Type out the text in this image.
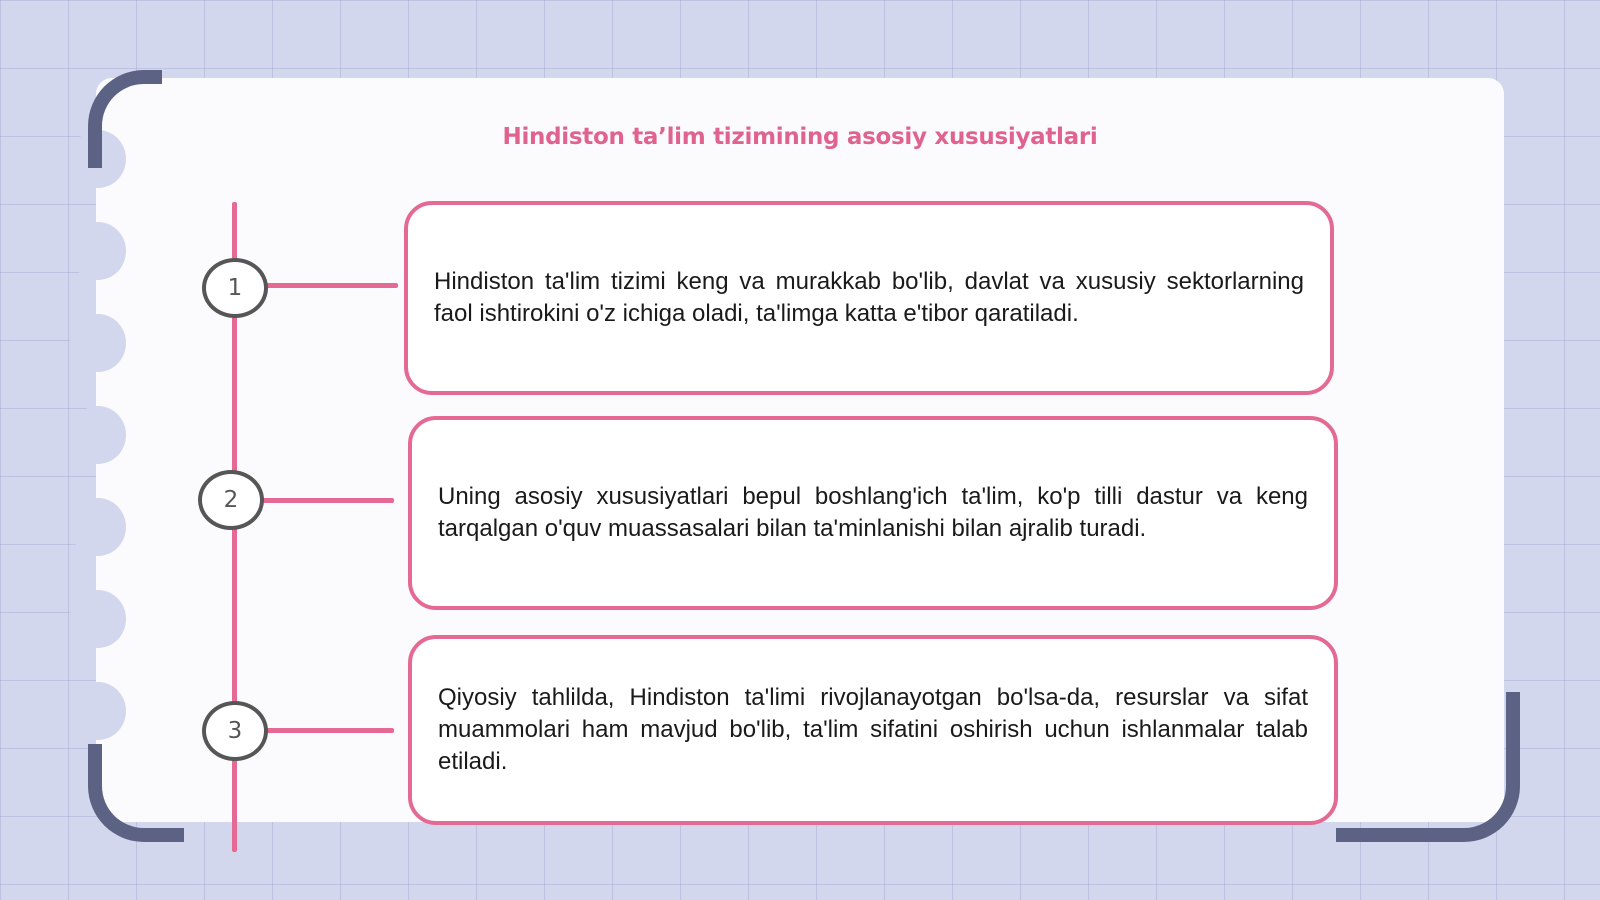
Hindiston ta’lim tizimining asosiy xususiyatlari
1	Hindiston ta'lim tizimi keng va murakkab bo'lib, davlat va xususiy sektorlarning faol ishtirokini o'z ichiga oladi, ta'limga katta e'tibor qaratiladi.
2	Uning asosiy xususiyatlari bepul boshlang'ich ta'lim, ko'p tilli dastur va keng tarqalgan o'quv muassasalari bilan ta'minlanishi bilan ajralib turadi.
3
Qiyosiy tahlilda, Hindiston ta'limi rivojlanayotgan bo'lsa-da, resurslar va sifat muammolari ham mavjud bo'lib, ta'lim sifatini oshirish uchun ishlanmalar talab etiladi.
